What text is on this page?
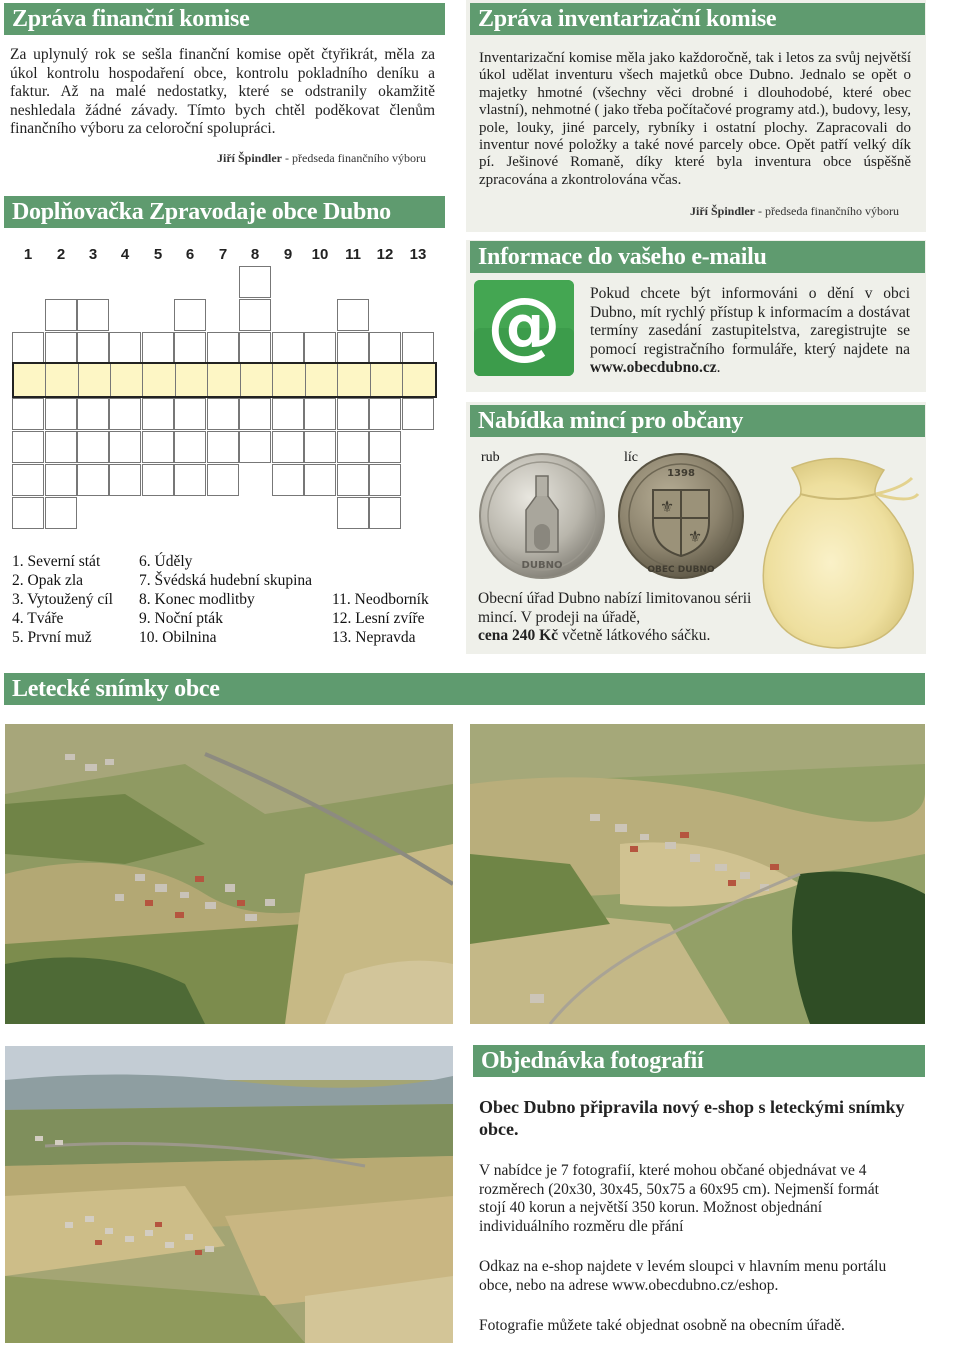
Zpráva finanční komise
Za uplynulý rok se sešla finanční komise opět čtyřikrát, měla za úkol kontrolu hospodaření obce, kontrolu pokladního deníku a faktur. Až na malé nedostatky, které se odstranily okamžitě neshledala žádné závady. Tímto bych chtěl poděkovat členům finančního výboru za celoroční spolupráci.
Jiří Špindler - předseda finančního výboru
Doplňovačka Zpravodaje obce Dubno
1	2	3	4	5	6	7	8	9	10	11	12	13
1. Severní stát
2. Opak zla
3. Vytoužený cíl
4. Tváře
5. První muž
6. Úděly
7. Švédská hudební skupina
8. Konec modlitby
9. Noční pták
10. Obilnina
11. Neodborník
12. Lesní zvíře
13. Nepravda
Zpráva inventarizační komise
Inventarizační komise měla jako každoročně, tak i letos za svůj největší úkol udělat inventuru všech majetků obce Dubno. Jednalo se opět o majetky hmotné (všechny věci drobné i dlouhodobé, které obec vlastní), nehmotné ( jako třeba počítačové programy atd.), budovy, lesy, pole, louky, jiné parcely, rybníky i ostatní plochy. Zapracovali do inventur nové položky a také nové parcely obce. Opět patří velký dík pí. Ješinové Romaně, díky které byla inventura obce úspěšně zpracována a zkontrolována včas.
Jiří Špindler - předseda finančního výboru
Informace do vašeho e-mailu
@ Pokud chcete být informováni o dění v obci Dubno, mít rychlý přístup k informacím a dostávat termíny zasedání zastupitelstva, zaregistrujte se pomocí registračního formuláře, který najdete na www.obecdubno.cz.
Nabídka mincí pro občany
rub	líc
DUBNO
⚜
⚜
1398
OBEC DUBNO
Obecní úřad Dubno nabízí limitovanou sérii mincí. V prodeji na úřadě,
cena 240 Kč včetně látkového sáčku.
Letecké snímky obce
Objednávka fotografií
Obec Dubno připravila nový e-shop s leteckými snímky obce.
V nabídce je 7 fotografií, které mohou občané objednávat ve 4 rozměrech (20x30, 30x45, 50x75 a 60x95 cm). Nejmenší formát stojí 40 korun a největší 350 korun. Možnost objednání individuálního rozměru dle přání
Odkaz na e-shop najdete v levém sloupci v hlavním menu portálu obce, nebo na adrese www.obecdubno.cz/eshop.
Fotografie můžete také objednat osobně na obecním úřadě.
